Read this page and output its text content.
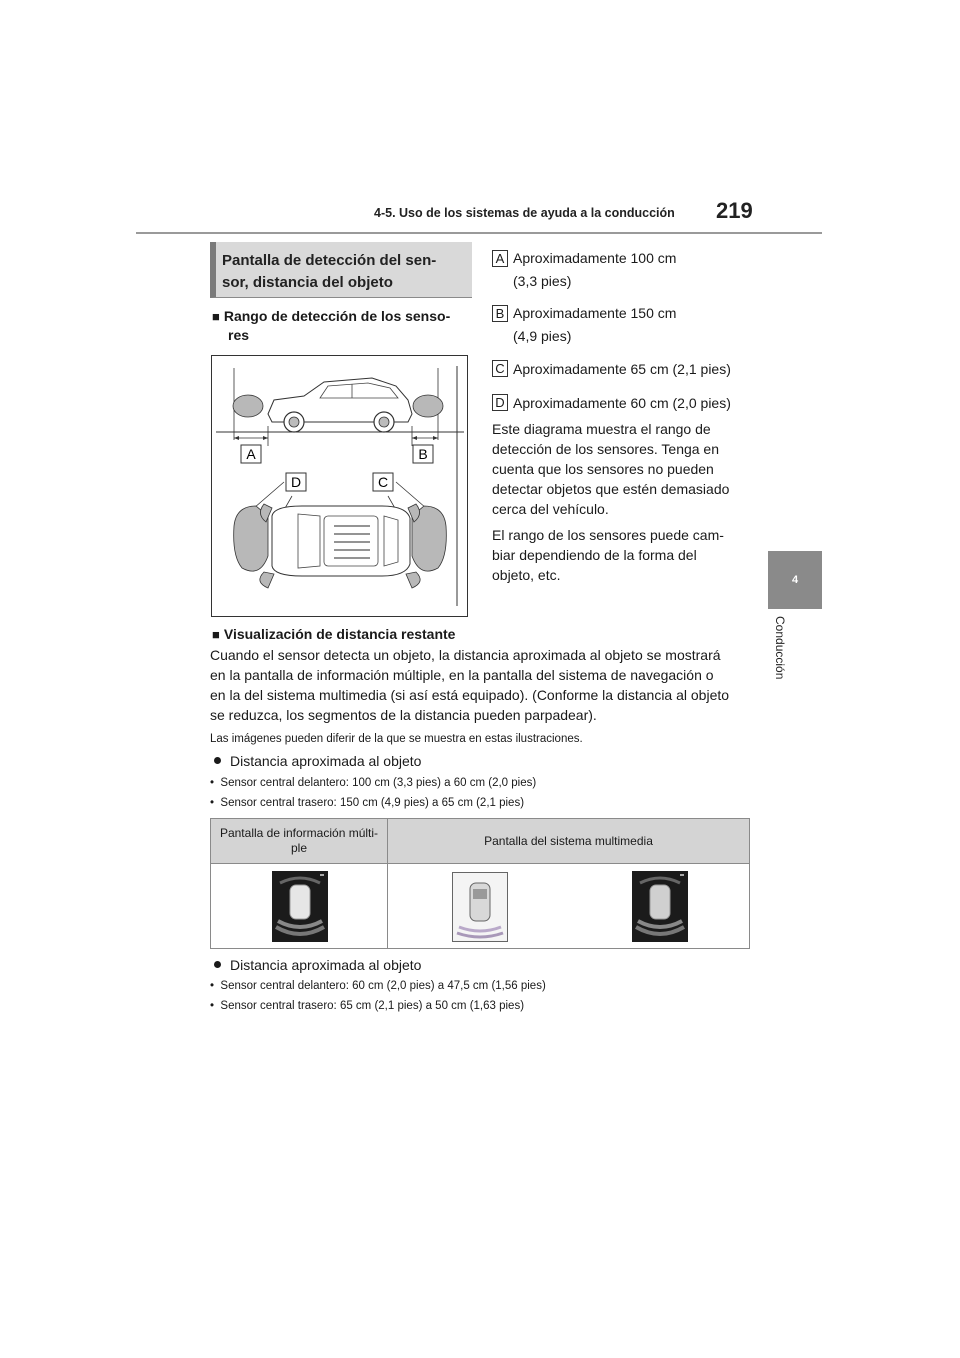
4-5. Uso de los sistemas de ayuda a la conducción 219
4
Conducción
Pantalla de detección del sen-
sor, distancia del objeto
■ Rango de detección de los senso-
res
A	B
D	C
A Aproximadamente 100 cm
(3,3 pies)
B Aproximadamente 150 cm
(4,9 pies)
C Aproximadamente 65 cm (2,1 pies)
D Aproximadamente 60 cm (2,0 pies)
Este diagrama muestra el rango de
detección de los sensores. Tenga en
cuenta que los sensores no pueden
detectar objetos que estén demasiado
cerca del vehículo.
El rango de los sensores puede cam-
biar dependiendo de la forma del
objeto, etc.
■ Visualización de distancia restante
Cuando el sensor detecta un objeto, la distancia aproximada al objeto se mostrará
en la pantalla de información múltiple, en la pantalla del sistema de navegación o
en la del sistema multimedia (si así está equipado). (Conforme la distancia al objeto
se reduzca, los segmentos de la distancia pueden parpadear).
Las imágenes pueden diferir de la que se muestra en estas ilustraciones.
Distancia aproximada al objeto
• Sensor central delantero: 100 cm (3,3 pies) a 60 cm (2,0 pies)
• Sensor central trasero: 150 cm (4,9 pies) a 65 cm (2,1 pies)
Pantalla de información múlti-
ple	Pantalla del sistema multimedia

Distancia aproximada al objeto
• Sensor central delantero: 60 cm (2,0 pies) a 47,5 cm (1,56 pies)
• Sensor central trasero: 65 cm (2,1 pies) a 50 cm (1,63 pies)
